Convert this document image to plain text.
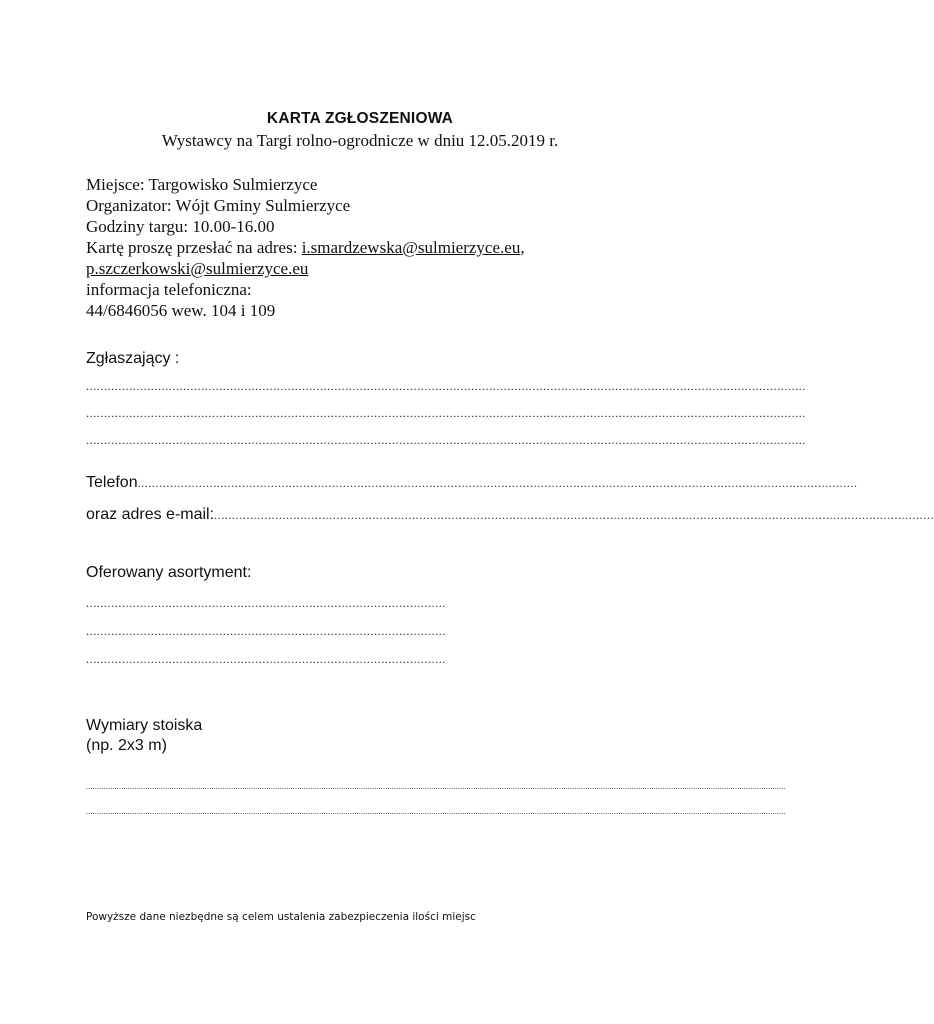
KARTA ZGŁOSZENIOWA
Wystawcy na Targi rolno-ogrodnicze w dniu 12.05.2019 r.
Miejsce: Targowisko Sulmierzyce
Organizator: Wójt Gminy Sulmierzyce
Godziny targu: 10.00-16.00
Kartę proszę przesłać na adres: i.smardzewska@sulmierzyce.eu,
p.szczerkowski@sulmierzyce.eu
informacja telefoniczna:
44/6846056 wew. 104 i 109
Zgłaszający :
........................................................................................................................................................................................................
........................................................................................................................................................................................................
........................................................................................................................................................................................................
Telefon ........................................................................................................................................................................................................
oraz adres e-mail: ........................................................................................................................................................................................................
Oferowany asortyment:
....................................................................................................
....................................................................................................
....................................................................................................
Wymiary stoiska
(np. 2x3 m)
..............................................................................................................................................................................................................................................................................................................................
..............................................................................................................................................................................................................................................................................................................................
Powyższe dane niezbędne są celem ustalenia zabezpieczenia ilości miejsc
